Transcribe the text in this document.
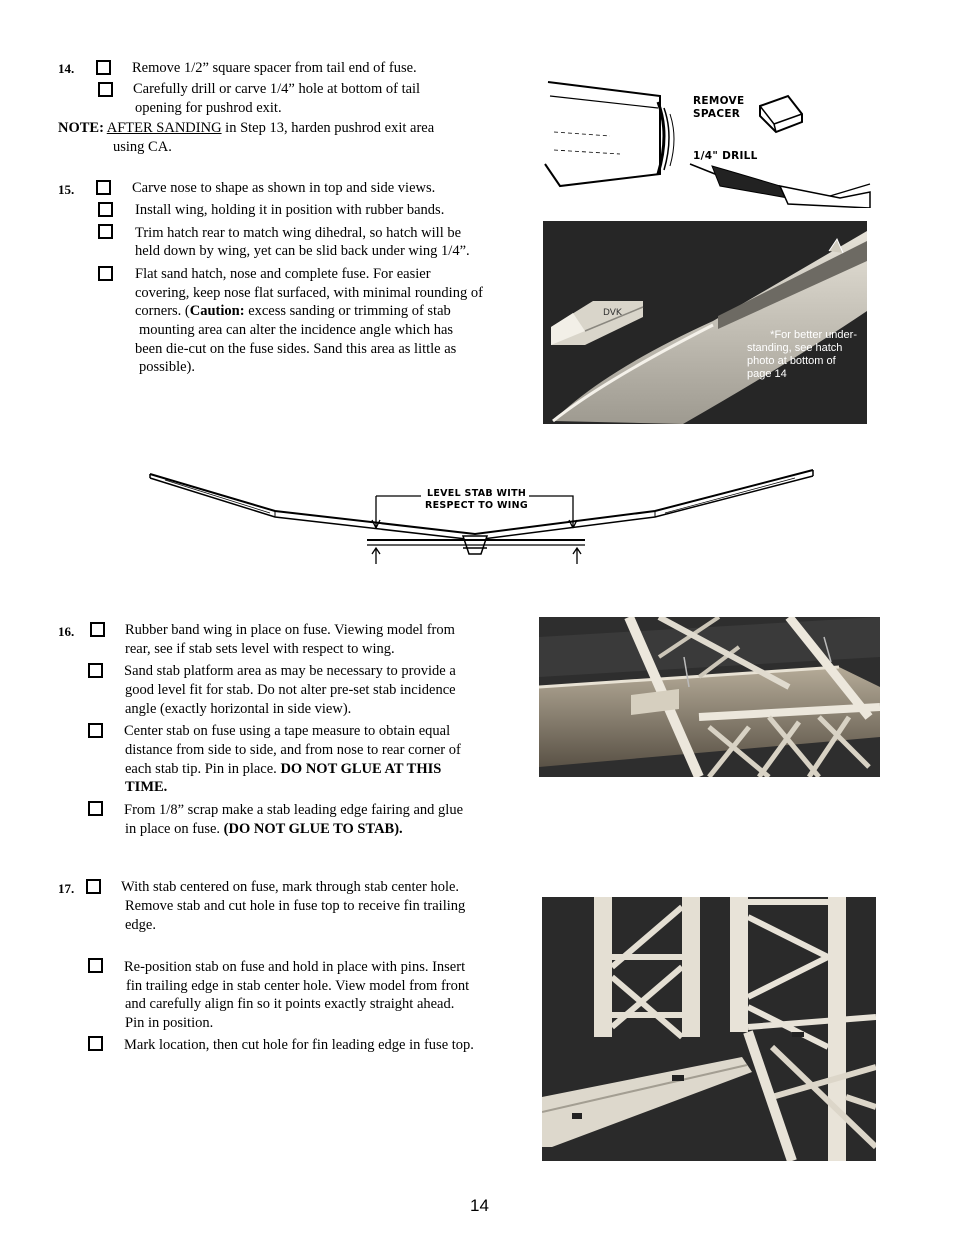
14.	Remove 1/2” square spacer from tail end of fuse.
Carefully drill or carve 1/4” hole at bottom of tail
opening for pushrod exit.
NOTE: AFTER SANDING in Step 13, harden pushrod exit area
using CA.
REMOVE
SPACER
1/4" DRILL
15.	Carve nose to shape as shown in top and side views.
Install wing, holding it in position with rubber bands.
Trim hatch rear to match wing dihedral, so hatch will be
held down by wing, yet can be slid back under wing 1/4”.
Flat sand hatch, nose and complete fuse. For easier
covering, keep nose flat surfaced, with minimal rounding of
corners. (Caution: excess sanding or trimming of stab
mounting area can alter the incidence angle which has
been die-cut on the fuse sides. Sand this area as little as
possible).
DVK
*For better under-
standing, see hatch
photo at bottom of
page 14
LEVEL STAB WITH
RESPECT TO WING
16.	Rubber band wing in place on fuse. Viewing model from
rear, see if stab sets level with respect to wing.
Sand stab platform area as may be necessary to provide a
good level fit for stab. Do not alter pre-set stab incidence
angle (exactly horizontal in side view).
Center stab on fuse using a tape measure to obtain equal
distance from side to side, and from nose to rear corner of
each stab tip. Pin in place. DO NOT GLUE AT THIS
TIME.
From 1/8” scrap make a stab leading edge fairing and glue
in place on fuse. (DO NOT GLUE TO STAB).
17.	With stab centered on fuse, mark through stab center hole.
Remove stab and cut hole in fuse top to receive fin trailing
edge.
Re-position stab on fuse and hold in place with pins. Insert
fin trailing edge in stab center hole. View model from front
and carefully align fin so it points exactly straight ahead.
Pin in position.
Mark location, then cut hole for fin leading edge in fuse top.
14
